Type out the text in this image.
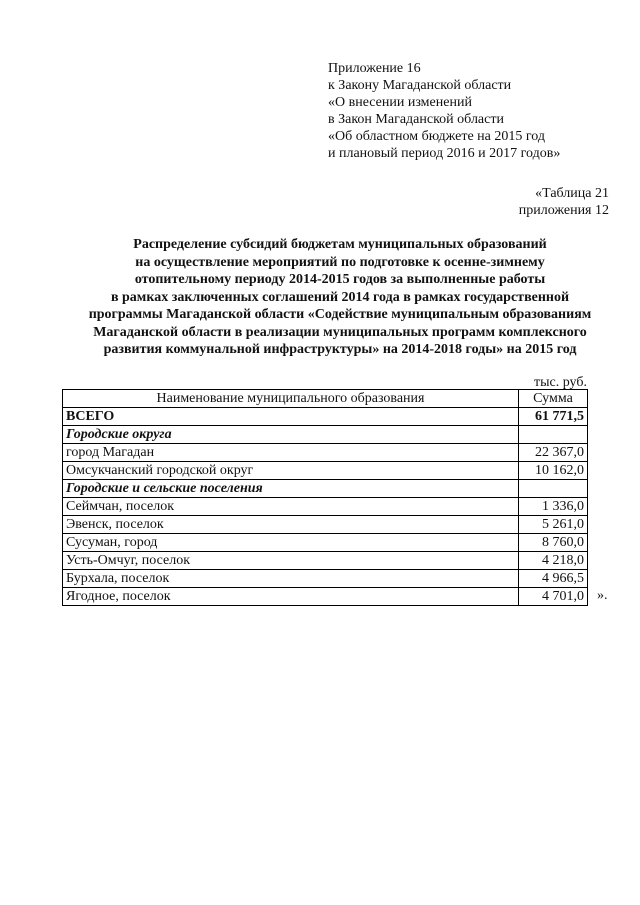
Приложение 16
к Закону Магаданской области
«О внесении изменений
в Закон Магаданской области
«Об областном бюджете на 2015 год
и плановый период 2016 и 2017 годов»
«Таблица 21
приложения 12
Распределение субсидий бюджетам муниципальных образований
на осуществление мероприятий по подготовке к осенне-зимнему
отопительному периоду 2014-2015 годов за выполненные работы
в рамках заключенных соглашений 2014 года в рамках государственной
программы Магаданской области «Содействие муниципальным образованиям
Магаданской области в реализации муниципальных программ комплексного
развития коммунальной инфраструктуры» на 2014-2018 годы» на 2015 год
тыс. руб.
Наименование муниципального образования	Сумма
ВСЕГО	61 771,5
Городские округа	
город Магадан	22 367,0
Омсукчанский городской округ	10 162,0
Городские и сельские поселения	
Сеймчан, поселок	1 336,0
Эвенск, поселок	5 261,0
Сусуман, город	8 760,0
Усть-Омчуг, поселок	4 218,0
Бурхала, поселок	4 966,5
Ягодное, поселок	4 701,0 ».
